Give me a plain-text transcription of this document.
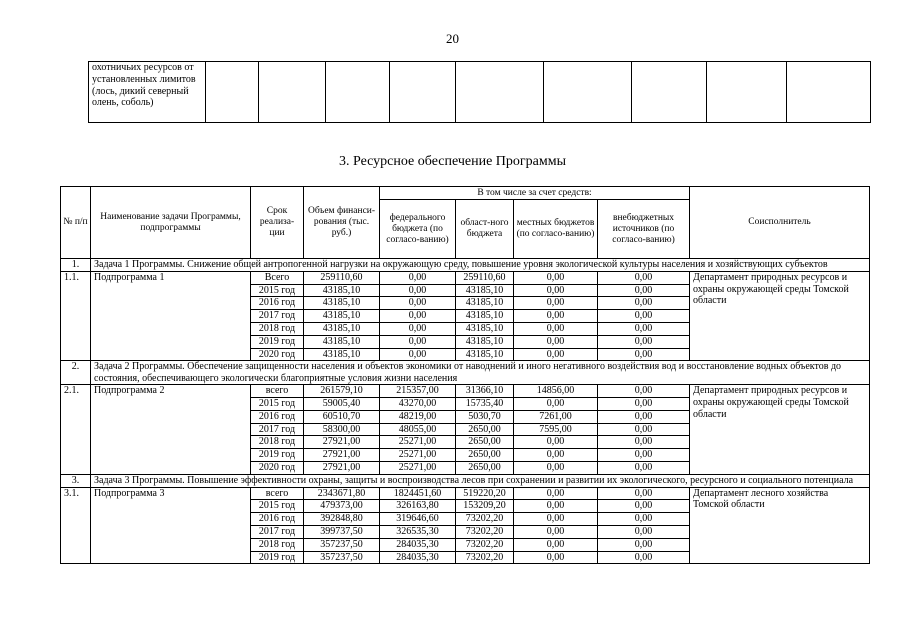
20
охотничьих ресурсов от установленных лимитов (лось, дикий северный олень, соболь)									
3. Ресурсное обеспечение Программы
№ п/п	Наименование задачи Программы, подпрограммы	Срок реализа-ции	Объем финанси-рования (тыс. руб.)	В том числе за счет средств:				Соисполнитель
				федерального бюджета (по согласо-ванию)	област-ного бюджета	местных бюджетов (по согласо-ванию)	внебюджетных источников (по согласо-ванию)	
1.	Задача 1 Программы. Снижение общей антропогенной нагрузки на окружающую среду, повышение уровня экологической культуры населения и хозяйствующих субъектов							
1.1.	Подпрограмма 1	Всего	259110,60	0,00	259110,60	0,00	0,00	Департамент природных ресурсов и охраны окружающей среды Томской области
		2015 год	43185,10	0,00	43185,10	0,00	0,00	
		2016 год	43185,10	0,00	43185,10	0,00	0,00	
		2017 год	43185,10	0,00	43185,10	0,00	0,00	
		2018 год	43185,10	0,00	43185,10	0,00	0,00	
		2019 год	43185,10	0,00	43185,10	0,00	0,00	
		2020 год	43185,10	0,00	43185,10	0,00	0,00	
2.	Задача 2 Программы. Обеспечение защищенности населения и объектов экономики от наводнений и иного негативного воздействия вод и восстановление водных объектов до состояния, обеспечивающего экологически благоприятные условия жизни населения							
2.1.	Подпрограмма 2	всего	261579,10	215357,00	31366,10	14856,00	0,00	Департамент природных ресурсов и охраны окружающей среды Томской области
		2015 год	59005,40	43270,00	15735,40	0,00	0,00	
		2016 год	60510,70	48219,00	5030,70	7261,00	0,00	
		2017 год	58300,00	48055,00	2650,00	7595,00	0,00	
		2018 год	27921,00	25271,00	2650,00	0,00	0,00	
		2019 год	27921,00	25271,00	2650,00	0,00	0,00	
		2020 год	27921,00	25271,00	2650,00	0,00	0,00	
3.	Задача 3 Программы. Повышение эффективности охраны, защиты и воспроизводства лесов при сохранении и развитии их экологического, ресурсного и социального потенциала							
3.1.	Подпрограмма 3	всего	2343671,80	1824451,60	519220,20	0,00	0,00	Департамент лесного хозяйства Томской области
		2015 год	479373,00	326163,80	153209,20	0,00	0,00	
		2016 год	392848,80	319646,60	73202,20	0,00	0,00	
		2017 год	399737,50	326535,30	73202,20	0,00	0,00	
		2018 год	357237,50	284035,30	73202,20	0,00	0,00	
		2019 год	357237,50	284035,30	73202,20	0,00	0,00	
